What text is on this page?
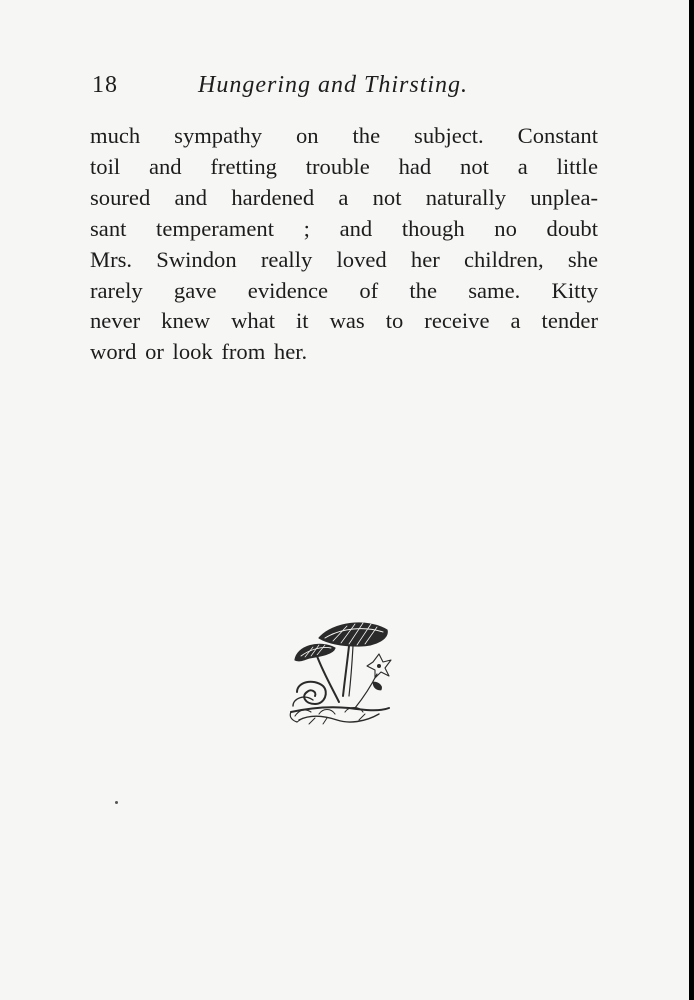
18	Hungering and Thirsting.
much sympathy on the subject. Constant
toil and fretting trouble had not a little
soured and hardened a not naturally unplea-
sant temperament ; and though no doubt
Mrs. Swindon really loved her children, she
rarely gave evidence of the same. Kitty
never knew what it was to receive a tender
word or look from her.
